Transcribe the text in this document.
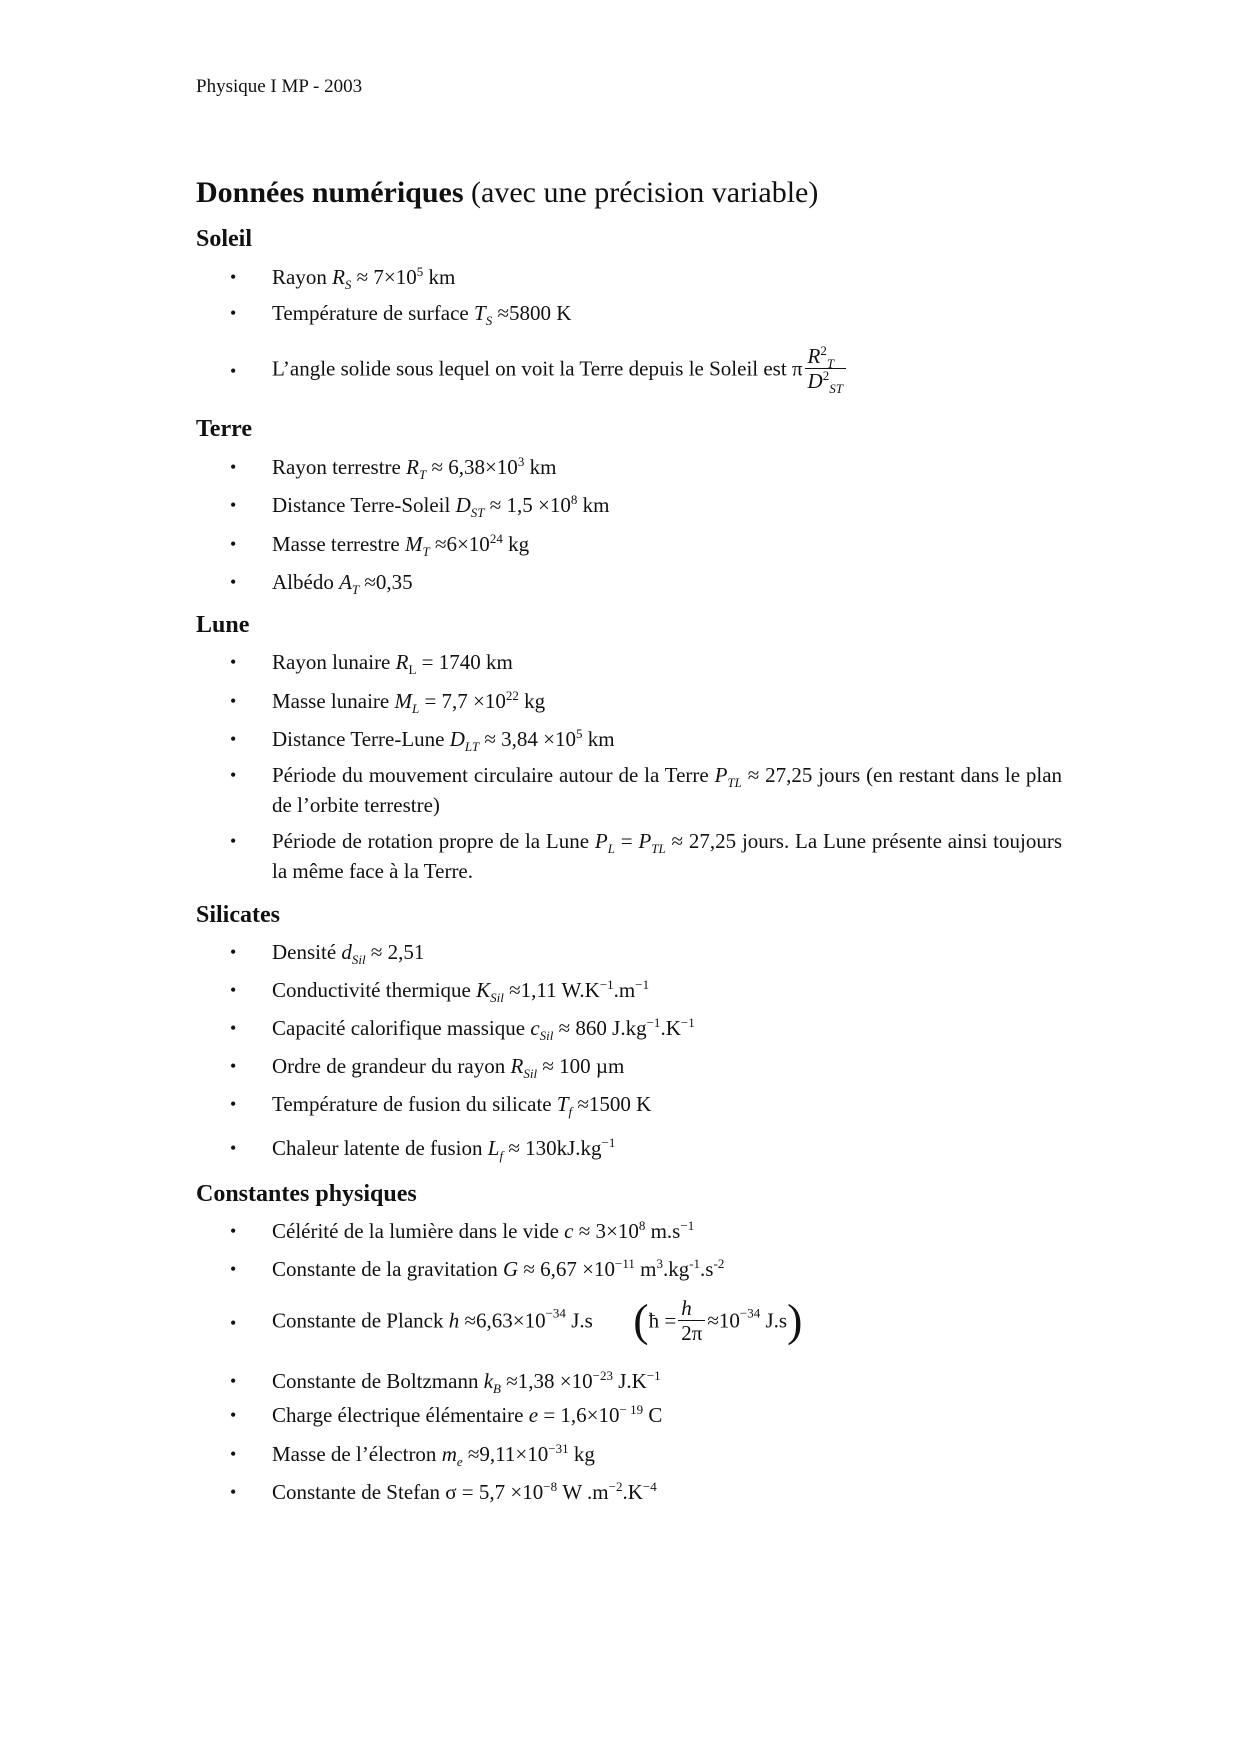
Physique I MP - 2003
Données numériques (avec une précision variable)
Soleil
• Rayon $R_S \approx 7\times 10^5$ km
• Température de surface $T_S \approx 5800$ K
• L’angle solide sous lequel on voit la Terre depuis le Soleil est π $\frac{R^2_T}{D^2_{ST}}$
Terre
• Rayon terrestre $R_T \approx 6,38\times 10^3$ km
• Distance Terre-Soleil $D_{ST} \approx 1,5 \times 10^8$ km
• Masse terrestre $M_T \approx 6\times 10^{24}$ kg
• Albédo $A_T \approx 0,35$
Lune
• Rayon lunaire $R_L = 1740$ km
• Masse lunaire $M_L = 7,7 \times 10^{22}$ kg
• Distance Terre-Lune $D_{LT} \approx 3,84 \times 10^5$ km
• Période du mouvement circulaire autour de la Terre $P_{TL} \approx 27,25$ jours (en restant dans le plan de l’orbite terrestre)
• Période de rotation propre de la Lune $P_L = P_{TL} \approx 27,25$ jours. La Lune présente ainsi toujours la même face à la Terre.
Silicates
• Densité $d_{Sil} \approx 2,51$
• Conductivité thermique $K_{Sil} \approx 1,11$ $W.K^{-1}.m^{-1}$
• Capacité calorifique massique $c_{Sil} \approx 860$ $J.kg^{-1}.K^{-1}$
• Ordre de grandeur du rayon $R_{Sil} \approx 100$ µm
• Température de fusion du silicate $T_f \approx 1500$ K
• Chaleur latente de fusion $L_f \approx 130kJ.kg^{-1}$
Constantes physiques
• Célérité de la lumière dans le vide $c \approx 3\times 10^8$ $m.s^{-1}$
• Constante de la gravitation $G \approx 6,67 \times 10^{-11}$ $m^3.kg^{-1}.s^{-2}$
• Constante de Planck $h \approx 6,63\times 10^{-34}$ J.s (ħ = $\frac{h}{2\pi} \approx 10^{-34}$ J.s)
• Constante de Boltzmann $k_B \approx 1,38 \times 10^{-23}$ $J.K^{-1}$
• Charge électrique élémentaire $e = 1,6\times 10^{- 19}$ C
• Masse de l’électron $m_e \approx 9,11\times 10^{-31}$ kg
• Constante de Stefan $\sigma = 5,7 \times 10^{-8}$ W $.m^{-2}.K^{-4}$
